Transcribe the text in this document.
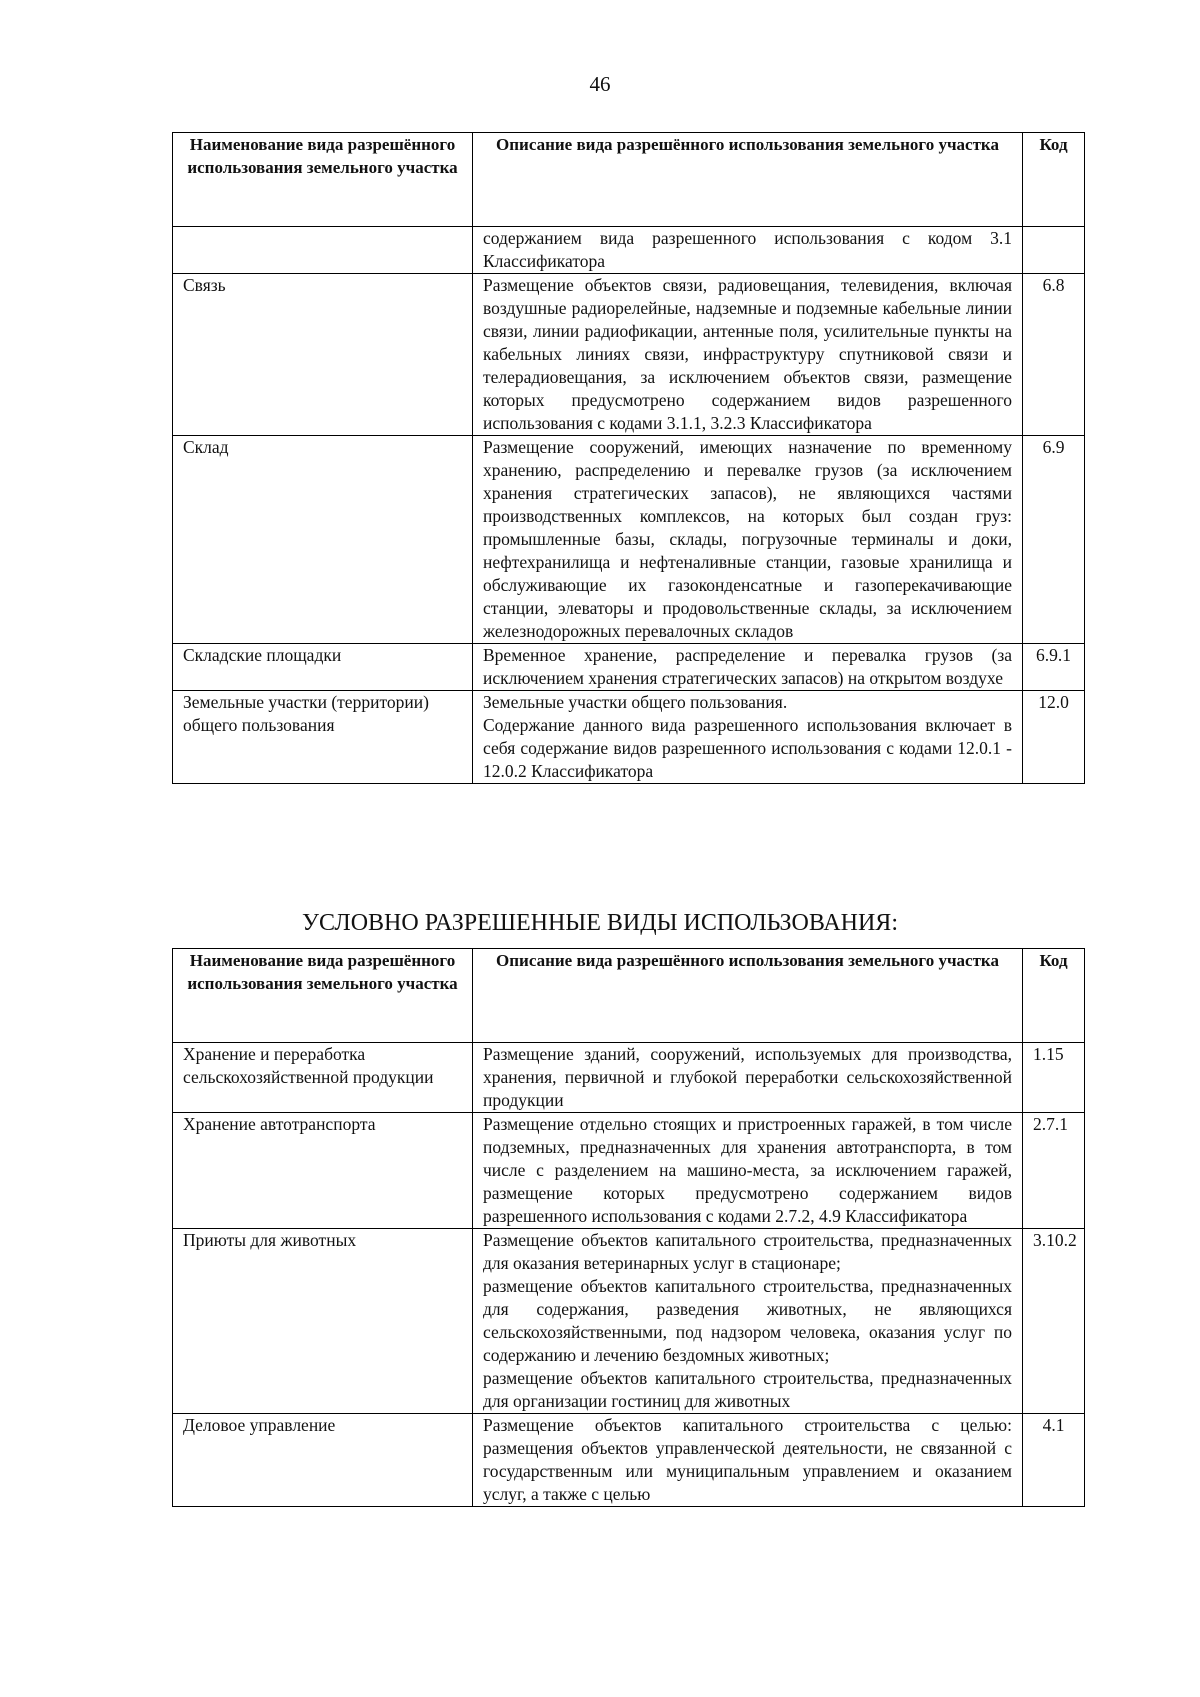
46
Наименование вида разрешённого использования земельного участка	Описание вида разрешённого использования земельного участка	Код

	содержанием вида разрешенного использования с кодом 3.1 Классификатора	

Связь	Размещение объектов связи, радиовещания, телевидения, включая воздушные радиорелейные, надземные и подземные кабельные линии связи, линии радиофикации, антенные поля, усилительные пункты на кабельных линиях связи, инфраструктуру спутниковой связи и телерадиовещания, за исключением объектов связи, размещение которых предусмотрено содержанием видов разрешенного использования с кодами 3.1.1, 3.2.3 Классификатора	6.8
Склад	Размещение сооружений, имеющих назначение по временному хранению, распределению и перевалке грузов (за исключением хранения стратегических запасов), не являющихся частями производственных комплексов, на которых был создан груз: промышленные базы, склады, погрузочные терминалы и доки, нефтехранилища и нефтеналивные станции, газовые хранилища и обслуживающие их газоконденсатные и газоперекачивающие станции, элеваторы и продовольственные склады, за исключением железнодорожных перевалочных складов	6.9
Складские площадки	Временное хранение, распределение и перевалка грузов (за исключением хранения стратегических запасов) на открытом воздухе	6.9.1
Земельные участки (территории) общего пользования	Земельные участки общего пользования.
Содержание данного вида разрешенного использования включает в себя содержание видов разрешенного использования с кодами 12.0.1 - 12.0.2 Классификатора	12.0
УСЛОВНО РАЗРЕШЕННЫЕ ВИДЫ ИСПОЛЬЗОВАНИЯ:
Наименование вида разрешённого использования земельного участка	Описание вида разрешённого использования земельного участка	Код
Хранение и переработка сельскохозяйственной продукции	Размещение зданий, сооружений, используемых для производства, хранения, первичной и глубокой переработки сельскохозяйственной продукции	1.15
Хранение автотранспорта	Размещение отдельно стоящих и пристроенных гаражей, в том числе подземных, предназначенных для хранения автотранспорта, в том числе с разделением на машино-места, за исключением гаражей, размещение которых предусмотрено содержанием видов разрешенного использования с кодами 2.7.2, 4.9 Классификатора	2.7.1
Приюты для животных	Размещение объектов капитального строительства, предназначенных для оказания ветеринарных услуг в стационаре;
размещение объектов капитального строительства, предназначенных для содержания, разведения животных, не являющихся сельскохозяйственными, под надзором человека, оказания услуг по содержанию и лечению бездомных животных;
размещение объектов капитального строительства, предназначенных для организации гостиниц для животных	3.10.2
Деловое управление	Размещение объектов капитального строительства с целью: размещения объектов управленческой деятельности, не связанной с государственным или муниципальным управлением и оказанием услуг, а также с целью	4.1
